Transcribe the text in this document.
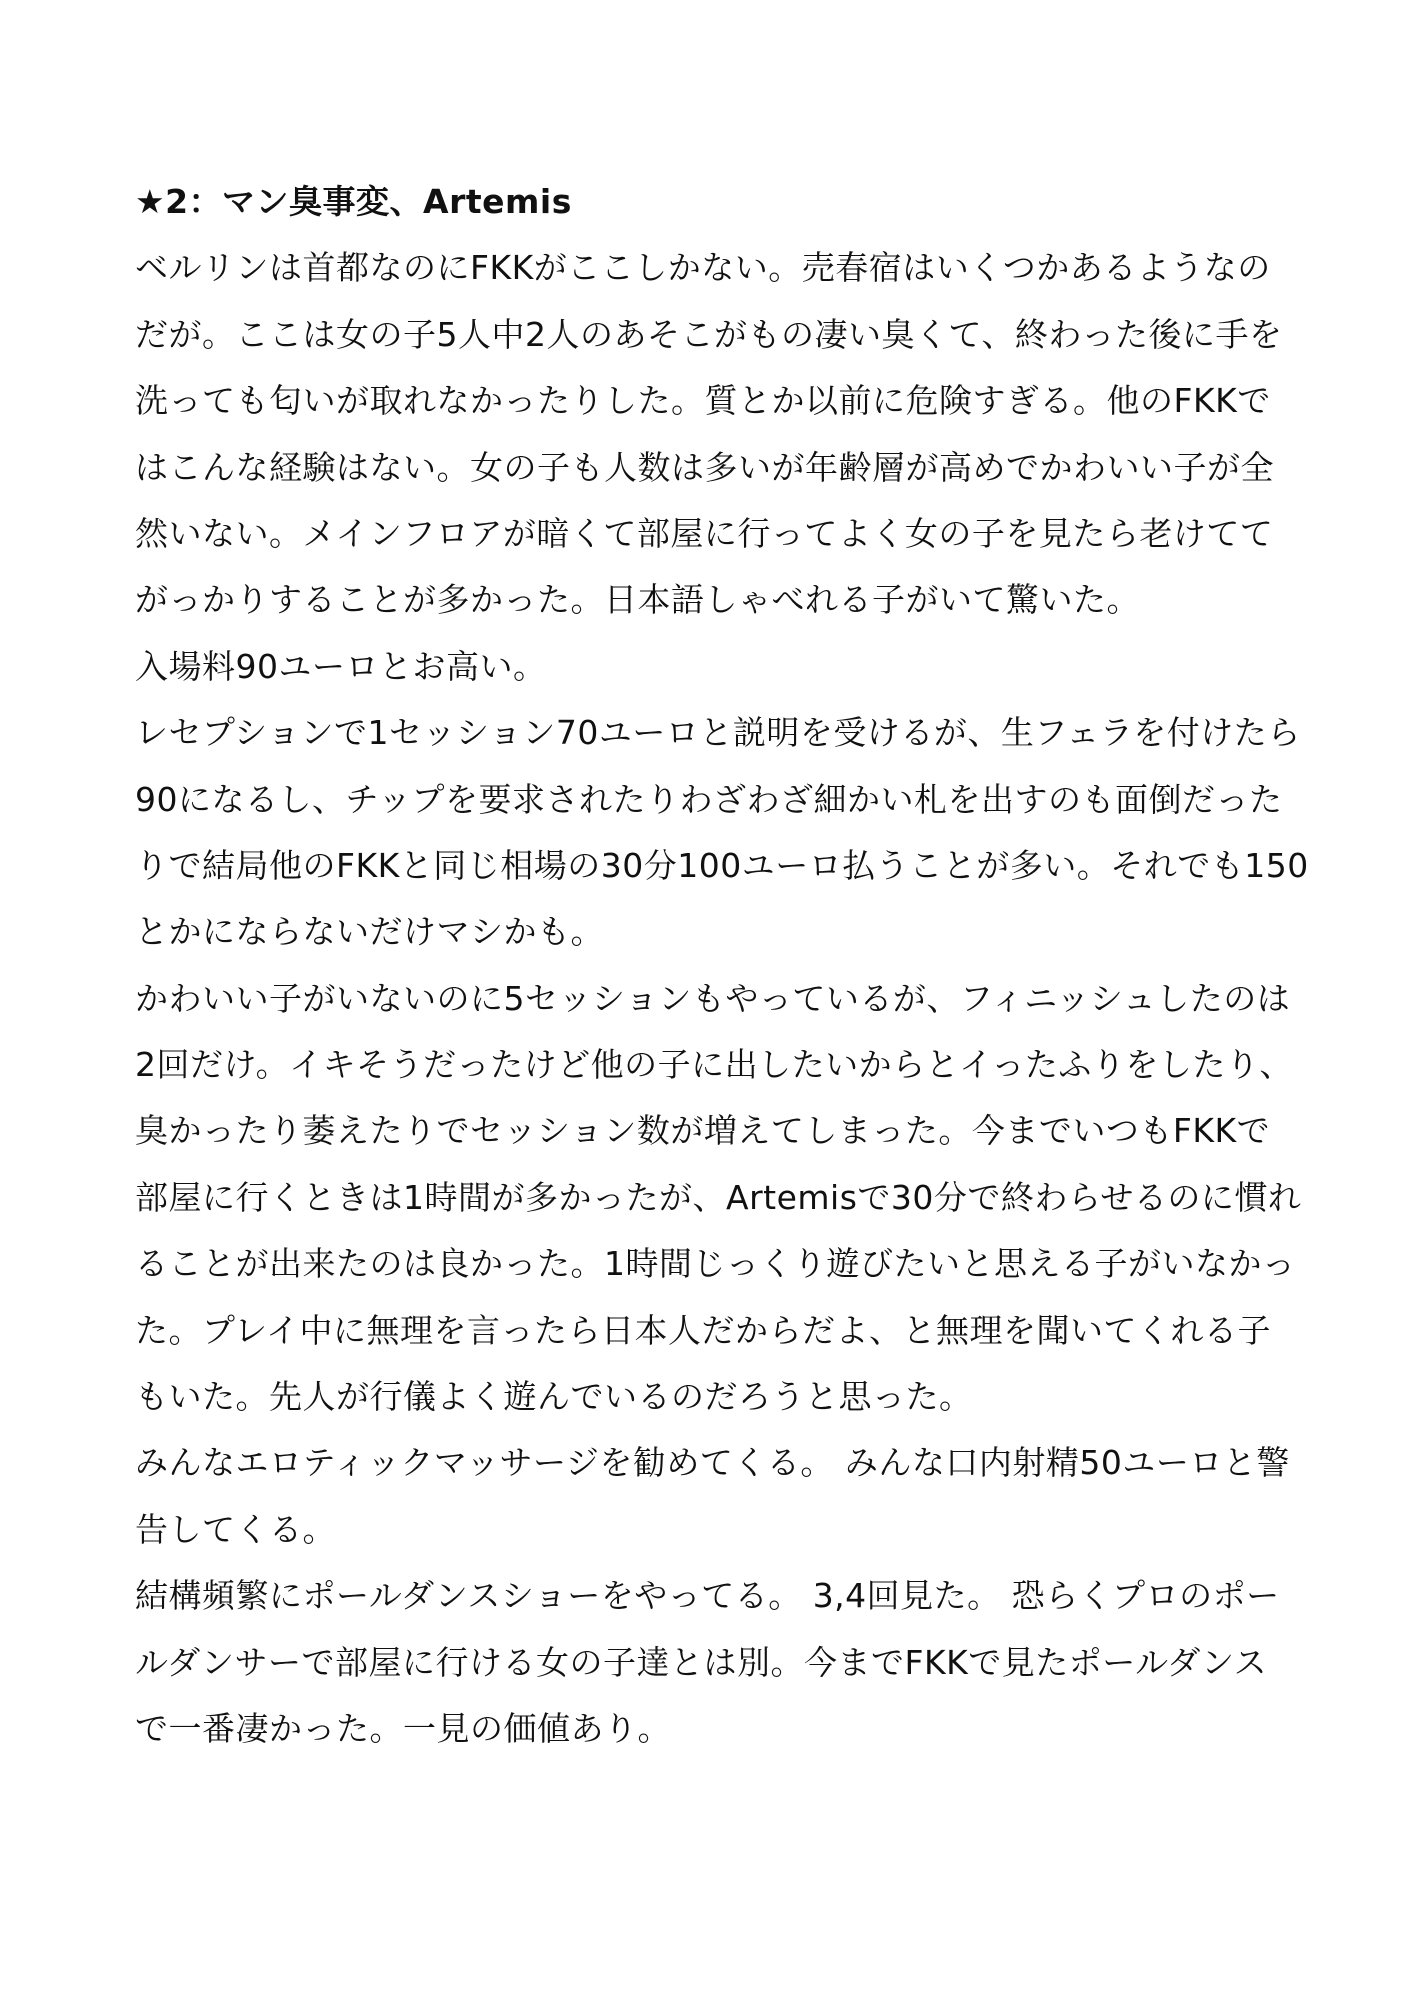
★2：マン臭事変、Artemis
ベルリンは首都なのにFKKがここしかない。売春宿はいくつかあるようなの
だが。ここは女の子5人中2人のあそこがもの凄い臭くて、終わった後に手を
洗っても匂いが取れなかったりした。質とか以前に危険すぎる。他のFKKで
はこんな経験はない。女の子も人数は多いが年齢層が高めでかわいい子が全
然いない。メインフロアが暗くて部屋に行ってよく女の子を見たら老けてて
がっかりすることが多かった。日本語しゃべれる子がいて驚いた。
入場料90ユーロとお高い。
レセプションで1セッション70ユーロと説明を受けるが、生フェラを付けたら
90になるし、チップを要求されたりわざわざ細かい札を出すのも面倒だった
りで結局他のFKKと同じ相場の30分100ユーロ払うことが多い。それでも150
とかにならないだけマシかも。
かわいい子がいないのに5セッションもやっているが、フィニッシュしたのは
2回だけ。イキそうだったけど他の子に出したいからとイったふりをしたり、
臭かったり萎えたりでセッション数が増えてしまった。今までいつもFKKで
部屋に行くときは1時間が多かったが、Artemisで30分で終わらせるのに慣れ
ることが出来たのは良かった。1時間じっくり遊びたいと思える子がいなかっ
た。プレイ中に無理を言ったら日本人だからだよ、と無理を聞いてくれる子
もいた。先人が行儀よく遊んでいるのだろうと思った。
みんなエロティックマッサージを勧めてくる。 みんな口内射精50ユーロと警
告してくる。
結構頻繁にポールダンスショーをやってる。 3,4回見た。 恐らくプロのポー
ルダンサーで部屋に行ける女の子達とは別。今までFKKで見たポールダンス
で一番凄かった。一見の価値あり。
